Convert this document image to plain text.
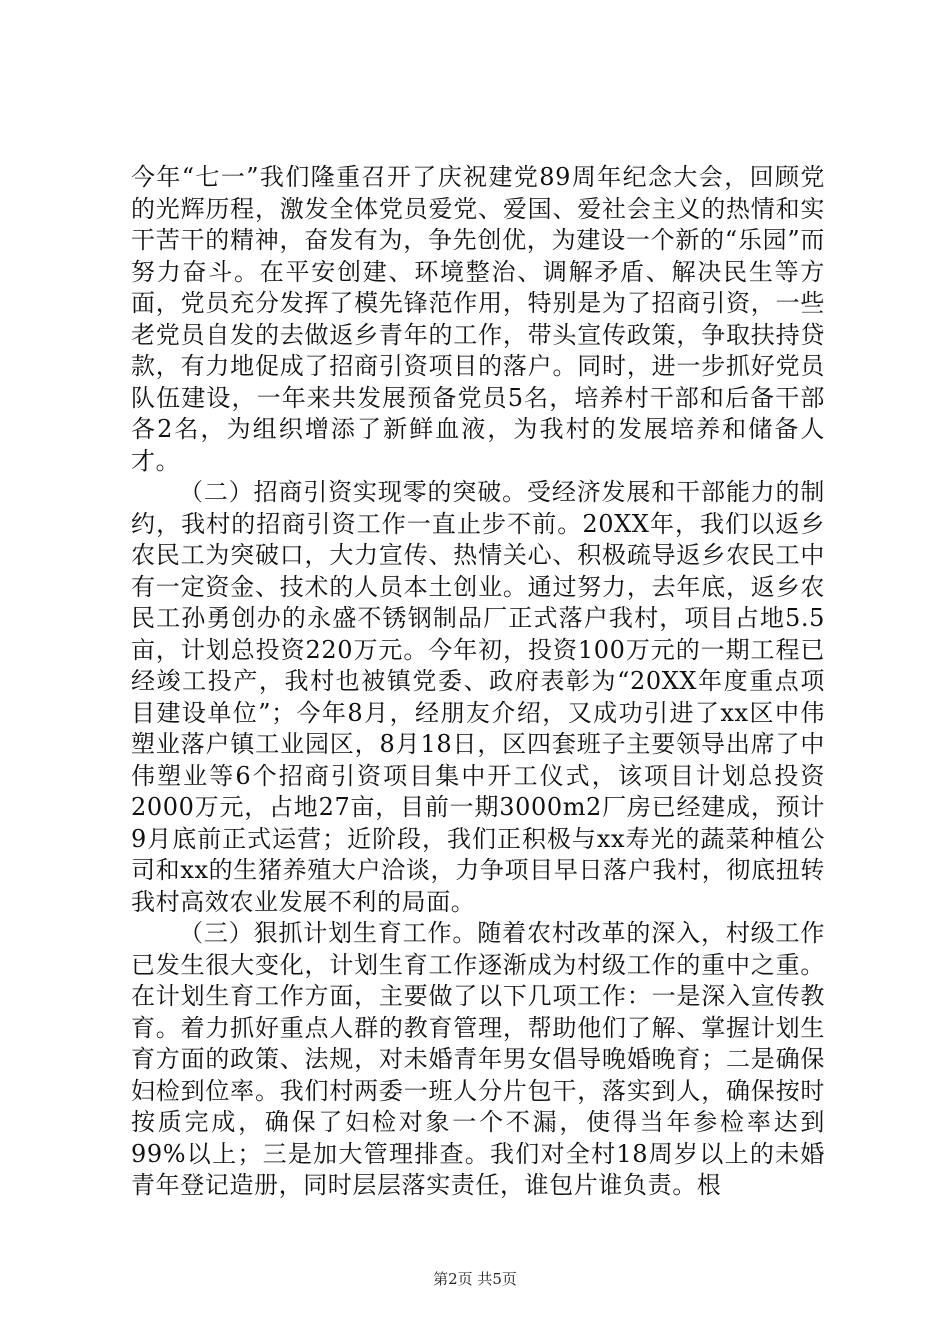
今年“七一”我们隆重召开了庆祝建党89周年纪念大会，回顾党的光辉历程，激发全体党员爱党、爱国、爱社会主义的热情和实干苦干的精神，奋发有为，争先创优，为建设一个新的“乐园”而努力奋斗。在平安创建、环境整治、调解矛盾、解决民生等方面，党员充分发挥了模先锋范作用，特别是为了招商引资，一些老党员自发的去做返乡青年的工作，带头宣传政策，争取扶持贷款，有力地促成了招商引资项目的落户。同时，进一步抓好党员队伍建设，一年来共发展预备党员5名，培养村干部和后备干部各2名，为组织增添了新鲜血液，为我村的发展培养和储备人才。

（二）招商引资实现零的突破。受经济发展和干部能力的制约，我村的招商引资工作一直止步不前。20XX年，我们以返乡农民工为突破口，大力宣传、热情关心、积极疏导返乡农民工中有一定资金、技术的人员本土创业。通过努力，去年底，返乡农民工孙勇创办的永盛不锈钢制品厂正式落户我村，项目占地5.5亩，计划总投资220万元。今年初，投资100万元的一期工程已经竣工投产，我村也被镇党委、政府表彰为“20XX年度重点项目建设单位”；今年8月，经朋友介绍，又成功引进了xx区中伟塑业落户镇工业园区，8月18日，区四套班子主要领导出席了中伟塑业等6个招商引资项目集中开工仪式，该项目计划总投资2000万元，占地27亩，目前一期3000m2厂房已经建成，预计9月底前正式运营；近阶段，我们正积极与xx寿光的蔬菜种植公司和xx的生猪养殖大户洽谈，力争项目早日落户我村，彻底扭转我村高效农业发展不利的局面。

（三）狠抓计划生育工作。随着农村改革的深入，村级工作已发生很大变化，计划生育工作逐渐成为村级工作的重中之重。在计划生育工作方面，主要做了以下几项工作：一是深入宣传教育。着力抓好重点人群的教育管理，帮助他们了解、掌握计划生育方面的政策、法规，对未婚青年男女倡导晚婚晚育；二是确保妇检到位率。我们村两委一班人分片包干，落实到人，确保按时按质完成，确保了妇检对象一个不漏，使得当年参检率达到99%以上；三是加大管理排查。我们对全村18周岁以上的未婚青年登记造册，同时层层落实责任，谁包片谁负责。根

第2页 共5页
